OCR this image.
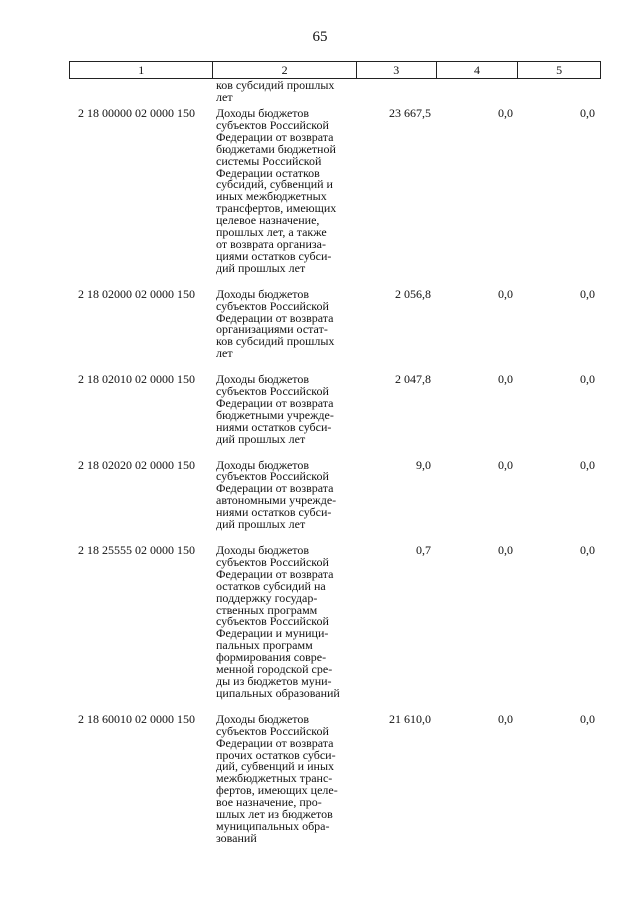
65
1	2	3	4	5
ков субсидий прошлых
лет
2 18 00000 02 0000 150	Доходы бюджетов
субъектов Российской
Федерации от возврата
бюджетами бюджетной
системы Российской
Федерации остатков
субсидий, субвенций и
иных межбюджетных
трансфертов, имеющих
целевое назначение,
прошлых лет, а также
от возврата организа-
циями остатков субси-
дий прошлых лет
23 667,5	0,0	0,0
2 18 02000 02 0000 150	Доходы бюджетов
субъектов Российской
Федерации от возврата
организациями остат-
ков субсидий прошлых
лет
2 056,8	0,0	0,0
2 18 02010 02 0000 150	Доходы бюджетов
субъектов Российской
Федерации от возврата
бюджетными учрежде-
ниями остатков субси-
дий прошлых лет
2 047,8	0,0	0,0
2 18 02020 02 0000 150	Доходы бюджетов
субъектов Российской
Федерации от возврата
автономными учрежде-
ниями остатков субси-
дий прошлых лет
9,0	0,0	0,0
2 18 25555 02 0000 150	Доходы бюджетов
субъектов Российской
Федерации от возврата
остатков субсидий на
поддержку государ-
ственных программ
субъектов Российской
Федерации и муници-
пальных программ
формирования совре-
менной городской сре-
ды из бюджетов муни-
ципальных образований
0,7	0,0	0,0
2 18 60010 02 0000 150	Доходы бюджетов
субъектов Российской
Федерации от возврата
прочих остатков субси-
дий, субвенций и иных
межбюджетных транс-
фертов, имеющих целе-
вое назначение, про-
шлых лет из бюджетов
муниципальных обра-
зований
21 610,0	0,0	0,0
